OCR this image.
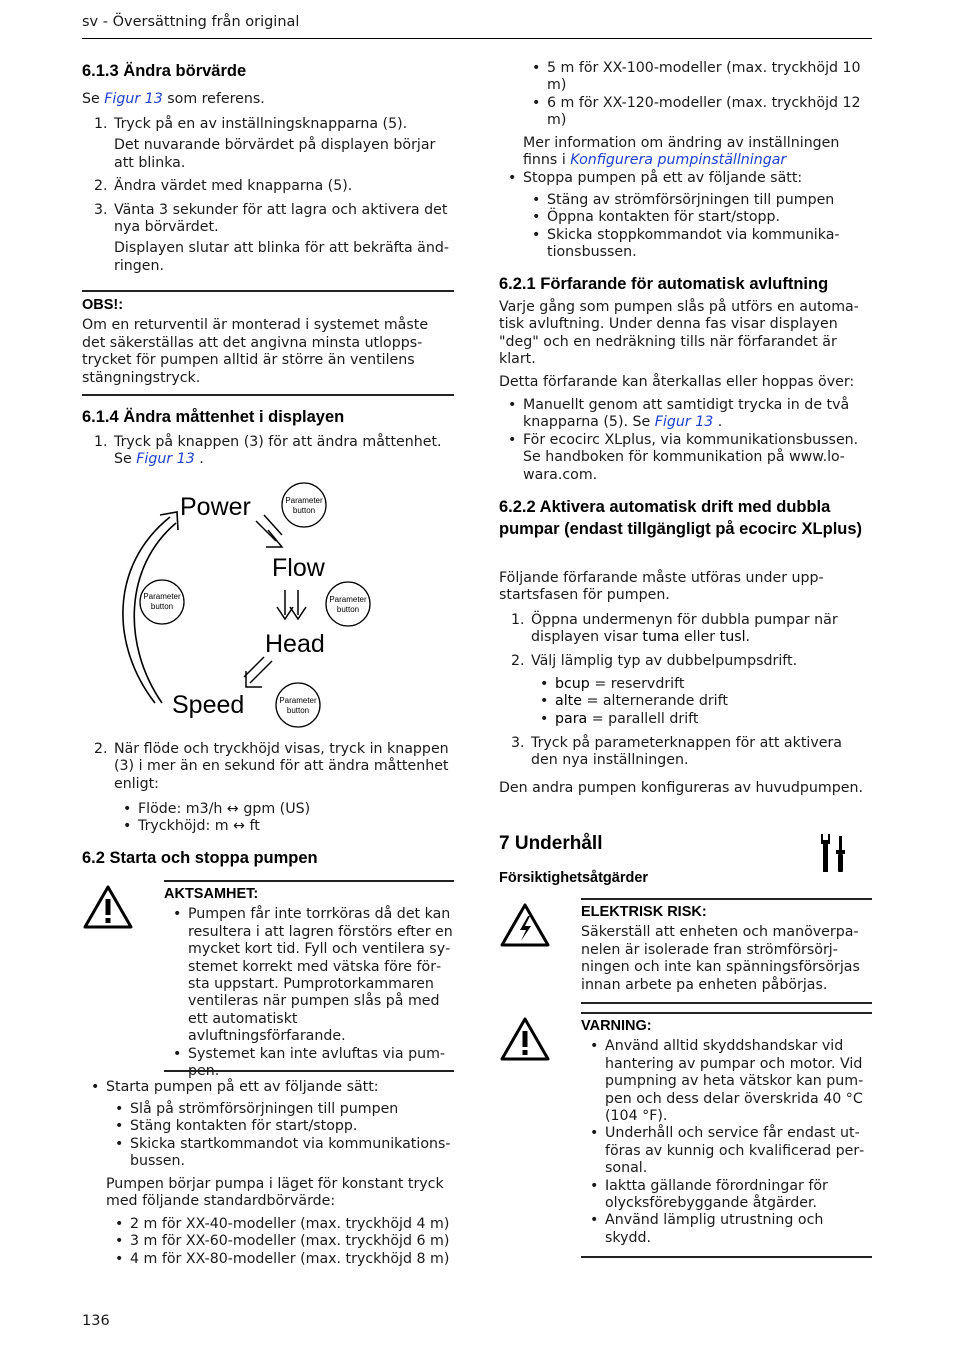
sv - Översättning från original
6.1.3 Ändra börvärde

Se Figur 13 som referens.

1. Tryck på en av inställningsknapparna (5).

Det nuvarande börvärdet på displayen börjar att blinka.

2. Ändra värdet med knapparna (5).
3. Vänta 3 sekunder för att lagra och aktivera det nya börvärdet.

Displayen slutar att blinka för att bekräfta ändringen.

OBS!:

Om en returventil är monterad i systemet måste det säkerställas att det angivna minsta utloppstrycket för pumpen alltid är större än ventilens stängningstryck.

6.1.4 Ändra måttenhet i displayen
1. Tryck på knappen (3) för att ändra måttenhet. Se Figur 13 .
Power
Flow
Head
Speed
Parameter
button
Parameter
button
Parameter
button
Parameter
button
2. När flöde och tryckhöjd visas, tryck in knappen (3) i mer än en sekund för att ändra måttenhet enligt:
• Flöde: m3/h ↔ gpm (US)
• Tryckhöjd: m ↔ ft
6.2 Starta och stoppa pumpen
AKTSAMHET:
• Pumpen får inte torrköras då det kan resultera i att lagren förstörs efter en mycket kort tid. Fyll och ventilera systemet korrekt med vätska före första uppstart. Pumprotorkammaren ventileras när pumpen slås på med ett automatiskt avluftningsförfarande.
• Systemet kan inte avluftas via pumpen.
• Starta pumpen på ett av följande sätt:
• Slå på strömförsörjningen till pumpen
• Stäng kontakten för start/stopp.
• Skicka startkommandot via kommunikationsbussen.

Pumpen börjar pumpa i läget för konstant tryck med följande standardbörvärde:

• 2 m för XX-40-modeller (max. tryckhöjd 4 m)
• 3 m för XX-60-modeller (max. tryckhöjd 6 m)
• 4 m för XX-80-modeller (max. tryckhöjd 8 m)
• 5 m för XX-100-modeller (max. tryckhöjd 10 m)
• 6 m för XX-120-modeller (max. tryckhöjd 12 m)

Mer information om ändring av inställningen finns i Konfigurera pumpinställningar

• Stoppa pumpen på ett av följande sätt:
• Stäng av strömförsörjningen till pumpen
• Öppna kontakten för start/stopp.
• Skicka stoppkommandot via kommunikationsbussen.
6.2.1 Förfarande för automatisk avluftning

Varje gång som pumpen slås på utförs en automatisk avluftning. Under denna fas visar displayen "deg" och en nedräkning tills när förfarandet är klart.

Detta förfarande kan återkallas eller hoppas över:

• Manuellt genom att samtidigt trycka in de två knapparna (5). Se Figur 13 .
• För ecocirc XLplus, via kommunikationsbussen. Se handboken för kommunikation på www.lowara.com.
6.2.2 Aktivera automatisk drift med dubbla pumpar (endast tillgängligt på ecocirc XLplus)

Följande förfarande måste utföras under uppstartsfasen för pumpen.

1. Öppna undermenyn för dubbla pumpar när displayen visar tuma eller tusl.
2. Välj lämplig typ av dubbelpumpsdrift.
• bcup = reservdrift
• alte = alternerande drift
• para = parallell drift
3. Tryck på parameterknappen för att aktivera den nya inställningen.

Den andra pumpen konfigureras av huvudpumpen.

7 Underhåll
Försiktighetsåtgärder
ELEKTRISK RISK:

Säkerställ att enheten och manöverpanelen är isolerade fran strömförsörjningen och inte kan spänningsförsörjas innan arbete pa enheten påbörjas.

VARNING:
• Använd alltid skyddshandskar vid hantering av pumpar och motor. Vid pumpning av heta vätskor kan pumpen och dess delar överskrida 40 °C (104 °F).
• Underhåll och service får endast utföras av kunnig och kvalificerad personal.
• Iaktta gällande förordningar för olycksförebyggande åtgärder.
• Använd lämplig utrustning och skydd.
136
